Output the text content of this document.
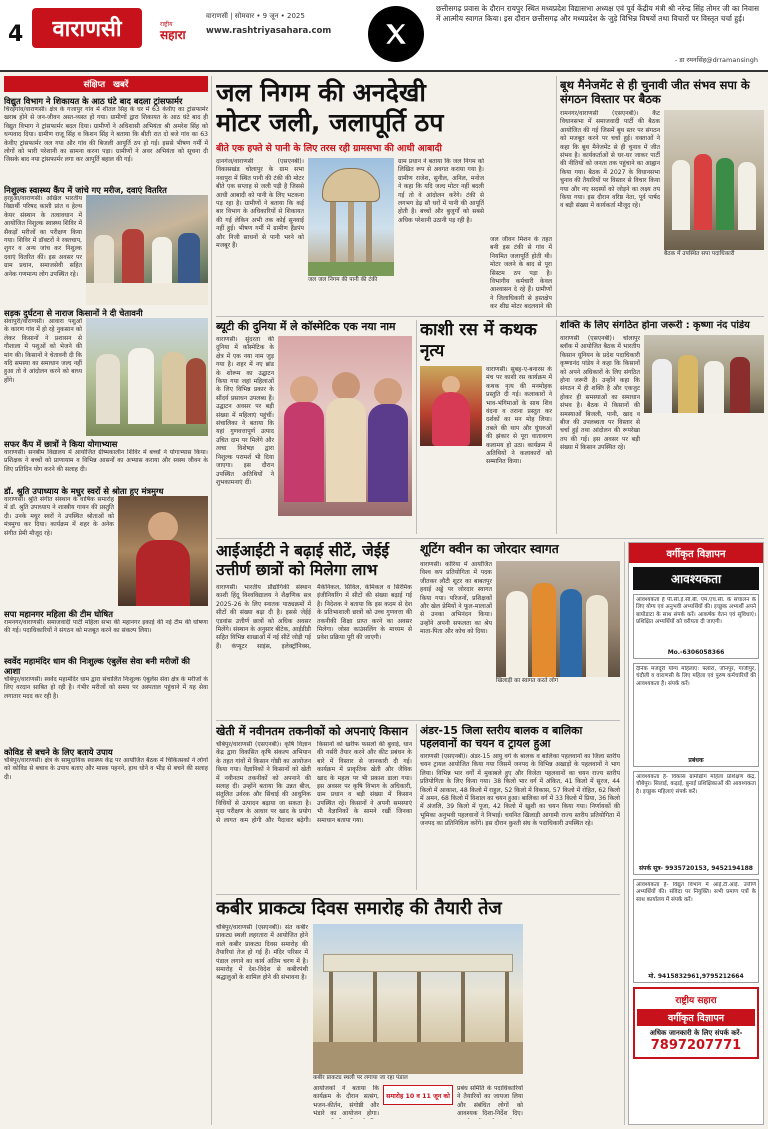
4 वाराणसी	राष्ट्रीय
सहारा
वाराणसी | सोमवार • 9 जून • 2025
www.rashtriyasahara.com
छत्तीसगढ़ प्रवास के दौरान रायपुर स्थित मध्यप्रदेश विद्यासभा अध्यक्ष एवं पूर्व केंद्रीय मंत्री श्री नरेन्द्र सिंह तोमर जी का निवास में आत्मीय स्वागत किया। इस दौरान छत्तीसगढ़ और मध्यप्रदेश के जुड़े विभिन्न विषयों तथा विचारों पर विस्तृत चर्चा हुई।
- डा रमनसिंह@drramansingh
संक्षिप्त खबरें
विद्युत विभाग ने शिकायत के आठ घंटे बाद बदला ट्रांसफार्मर
चिरईगांव/वाराणसी। क्षेत्र के गजापुर गांव में शीतल सिंह के घर में 63 केवीए का ट्रांसफार्मर खराब होने से जन-जीवन अस्त-व्यस्त हो गया। ग्रामीणों द्वारा शिकायत के आठ घंटे बाद ही विद्युत विभाग ने ट्रांसफार्मर बदल दिया। ग्रामीणों ने अधिशासी अभियंता श्री अमरेश सिंह को धन्यवाद दिया। ग्रामीण राजू सिंह व किशन सिंह ने बताया कि बीती रात दो बजे गांव का 63 केवीए ट्रांसफार्मर जल गया और गांव की बिजली आपूर्ति ठप हो गई। इससे भीषण गर्मी में लोगों को भारी परेशानी का सामना करना पड़ा। ग्रामीणों ने अवर अभियंता को सूचना दी जिसके बाद नया ट्रांसफार्मर लगा कर आपूर्ति बहाल की गई।
निशुल्क स्वास्थ्य कैंप में जांचे गए मरीज, दवाएं वितरित
हरहुआ/वाराणसी। अखिल भारतीय विद्यार्थी परिषद काशी प्रांत व हेल्थ केयर संस्थान के तत्वावधान में आयोजित निशुल्क स्वास्थ्य शिविर में सैकड़ों मरीजों का परीक्षण किया गया। शिविर में डॉक्टरों ने रक्तचाप, शुगर व अन्य जांच कर निशुल्क दवाएं वितरित कीं। इस अवसर पर ग्राम प्रधान, समाजसेवी सहित अनेक गणमान्य लोग उपस्थित रहे।
सड़क दुर्घटना से नाराज किसानों ने दी चेतावनी
सेवापुरी/वाराणसी। आवारा पशुओं के कारण गांव में हो रहे नुकसान को लेकर किसानों ने प्रशासन से गौशाला में पशुओं को भेजने की मांग की। किसानों ने चेतावनी दी कि यदि समस्या का समाधान जल्द नहीं हुआ तो वे आंदोलन करने को बाध्य होंगे।
सफर कैंप में छात्रों ने किया योगाभ्यास
वाराणसी। सनबीम विद्यालय में आयोजित ग्रीष्मकालीन शिविर में बच्चों ने योगाभ्यास किया। प्रशिक्षक ने बच्चों को प्राणायाम व विभिन्न आसनों का अभ्यास कराया और स्वस्थ जीवन के लिए प्रतिदिन योग करने की सलाह दी।
डॉ. श्रुति उपाध्याय के मधुर स्वरों से श्रोता हुए मंत्रमुग्ध
वाराणसी। श्रुति संगीत संस्थान के वार्षिक समारोह में डॉ. श्रुति उपाध्याय ने शास्त्रीय गायन की प्रस्तुति दी। उनके मधुर स्वरों ने उपस्थित श्रोताओं को मंत्रमुग्ध कर दिया। कार्यक्रम में शहर के अनेक संगीत प्रेमी मौजूद रहे।
सपा महानगर महिला की टीम घोषित
रामनगर/वाराणसी। समाजवादी पार्टी महिला सभा की महानगर इकाई की नई टीम की घोषणा की गई। पदाधिकारियों ने संगठन को मजबूत करने का संकल्प लिया।
स्वर्वेद महामंदिर धाम की निःशुल्क एंबुलेंस सेवा बनी मरीजों की आशा
चौबेपुर/वाराणसी। स्वर्वेद महामंदिर धाम द्वारा संचालित निःशुल्क एंबुलेंस सेवा क्षेत्र के मरीजों के लिए वरदान साबित हो रही है। गंभीर मरीजों को समय पर अस्पताल पहुंचाने में यह सेवा लगातार मदद कर रही है।
कोविड से बचने के लिए बताये उपाय
चौबेपुर/वाराणसी। क्षेत्र के सामुदायिक स्वास्थ्य केंद्र पर आयोजित बैठक में चिकित्सकों ने लोगों को कोविड से बचाव के उपाय बताए और मास्क पहनने, हाथ धोने व भीड़ से बचने की सलाह दी।
जल निगम की अनदेखी
मोटर जली, जलापूर्ति ठप
बीते एक हफ्ते से पानी के लिए तरस रही ग्रामसभा की आधी आबादी
दानगंज/वाराणसी (एसएनबी)। विकासखंड चोलापुर के ग्राम सभा नवापुरा में स्थित पानी की टंकी की मोटर बीते एक सप्ताह से जली पड़ी है जिससे आधी आबादी को पानी के लिए भटकना पड़ रहा है। ग्रामीणों ने बताया कि कई बार विभाग के अधिकारियों से शिकायत की गई लेकिन अभी तक कोई सुनवाई नहीं हुई। भीषण गर्मी में ग्रामीण हैंडपंप और निजी साधनों से पानी भरने को मजबूर हैं।
जल जल निगम की पानी की टंकी
ग्राम प्रधान ने बताया कि जल निगम को लिखित रूप से अवगत कराया गया है। ग्रामीण राजेश, सुनील, अनिल, मनोज ने कहा कि यदि जल्द मोटर नहीं बदली गई तो वे आंदोलन करेंगे। टंकी से लगभग डेढ़ सौ घरों में पानी की आपूर्ति होती है। बच्चों और बुजुर्गों को सबसे अधिक परेशानी उठानी पड़ रही है।
जल जीवन मिशन के तहत बनी इस टंकी से गांव में नियमित जलापूर्ति होती थी। मोटर जलने के बाद से पूरा सिस्टम ठप पड़ा है। विभागीय कर्मचारी केवल आश्वासन दे रहे हैं। ग्रामीणों ने जिलाधिकारी से हस्तक्षेप कर शीघ्र मोटर बदलवाने की
बूथ मैनेजमेंट से ही चुनावी जीत संभव सपा के संगठन विस्तार पर बैठक
रामनगर/वाराणसी (एसएनबी)। कैंट विधानसभा में समाजवादी पार्टी की बैठक आयोजित की गई जिसमें बूथ स्तर पर संगठन को मजबूत करने पर चर्चा हुई। वक्ताओं ने कहा कि बूथ मैनेजमेंट से ही चुनाव में जीत संभव है। कार्यकर्ताओं से घर-घर जाकर पार्टी की नीतियों को जनता तक पहुंचाने का आह्वान किया गया। बैठक में 2027 के विधानसभा चुनाव की तैयारियों पर विस्तार से विचार किया गया और नए सदस्यों को जोड़ने का लक्ष्य तय किया गया। इस दौरान वरिष्ठ नेता, पूर्व पार्षद व बड़ी संख्या में कार्यकर्ता मौजूद रहे।
बैठक में उपस्थित सपा पदाधिकारी
ब्यूटी की दुनिया में ले कॉस्मेटिक एक नया नाम
वाराणसी। सुंदरता की दुनिया में कॉस्मेटिक के क्षेत्र में एक नया नाम जुड़ गया है। शहर में नए ब्रांड के शोरूम का उद्घाटन किया गया जहां महिलाओं के लिए विभिन्न प्रकार के सौंदर्य प्रसाधन उपलब्ध हैं। उद्घाटन अवसर पर बड़ी संख्या में महिलाएं पहुंचीं। संचालिका ने बताया कि यहां गुणवत्तापूर्ण उत्पाद उचित दाम पर मिलेंगे और त्वचा विशेषज्ञ द्वारा निशुल्क परामर्श भी दिया जाएगा। इस दौरान उपस्थित अतिथियों ने शुभकामनाएं दीं।
काशी रस में कथक नृत्य
वाराणसी। सुबह-ए-बनारस के मंच पर काशी रस कार्यक्रम में कथक नृत्य की मनमोहक प्रस्तुति दी गई। कलाकारों ने भाव-भंगिमाओं के साथ शिव वंदना व तराना प्रस्तुत कर दर्शकों का मन मोह लिया। तबले की थाप और घुंघरुओं की झंकार से पूरा वातावरण कलामय हो उठा। कार्यक्रम में अतिथियों ने कलाकारों को सम्मानित किया।
शक्ति के लिए संगठित होना जरूरी : कृष्णा नंद पांडेय
वाराणसी (एसएनबी)। चोलापुर ब्लॉक में आयोजित बैठक में भारतीय किसान यूनियन के प्रदेश पदाधिकारी कृष्णानंद पांडेय ने कहा कि किसानों को अपने अधिकारों के लिए संगठित होना जरूरी है। उन्होंने कहा कि संगठन में ही शक्ति है और एकजुट होकर ही समस्याओं का समाधान संभव है। बैठक में किसानों की समस्याओं बिजली, पानी, खाद व बीज की उपलब्धता पर विस्तार से चर्चा हुई तथा आंदोलन की रूपरेखा तय की गई। इस अवसर पर बड़ी संख्या में किसान उपस्थित रहे।
आईआईटी ने बढ़ाई सीटें, जेईई
उत्तीर्ण छात्रों को मिलेगा लाभ
वाराणसी। भारतीय प्रौद्योगिकी संस्थान काशी हिंदू विश्वविद्यालय ने शैक्षणिक सत्र 2025-26 के लिए स्नातक पाठ्यक्रमों में सीटों की संख्या बढ़ा दी है। इससे जेईई एडवांस उत्तीर्ण छात्रों को अधिक अवसर मिलेंगे। संस्थान के अनुसार बीटेक, आईडीडी सहित विभिन्न शाखाओं में नई सीटें जोड़ी गई हैं। कंप्यूटर साइंस, इलेक्ट्रॉनिक्स, मैकेनिकल, सिविल, केमिकल व सिरेमिक इंजीनियरिंग में सीटों की संख्या बढ़ाई गई है। निदेशक ने बताया कि इस कदम से देश के प्रतिभाशाली छात्रों को उच्च गुणवत्ता की तकनीकी शिक्षा प्राप्त करने का अवसर मिलेगा। जोसा काउंसलिंग के माध्यम से प्रवेश प्रक्रिया पूरी की जाएगी।
शूटिंग क्वीन का जोरदार स्वागत
वाराणसी। कोरिया में आयोजित विश्व कप प्रतियोगिता में पदक जीतकर लौटी शूटर का बाबतपुर हवाई अड्डे पर जोरदार स्वागत किया गया। परिजनों, प्रशिक्षकों और खेल प्रेमियों ने फूल-मालाओं से उनका अभिनंदन किया। उन्होंने अपनी सफलता का श्रेय माता-पिता और कोच को दिया।
खिलाड़ी का स्वागत करते लोग
वर्गीकृत विज्ञापन
आवश्यकता
आवश्यकता है पी.सी.ई.सी.बी. एम.एच.सी. के संचालन के लिए योग्य एवं अनुभवी अभ्यर्थियों की। इच्छुक अभ्यर्थी अपने बायोडाटा के साथ संपर्क करें। आकर्षक वेतन एवं सुविधाएं। प्रशिक्षित अभ्यर्थियों को वरीयता दी जाएगी।
Mo.-6306058366
दैनिक मजदूरी योग्य महिलाएं: फ्लोरा, जौनपुर, गाजीपुर, चंदौली व वाराणसी के लिए महिला एवं पुरुष कर्मचारियों की आवश्यकता है। संपर्क करें।
प्रबंधक
आवश्यकता है- विकास ग्रामोद्योग महिला प्रशिक्षण केंद्र, चौबेपुर। सिलाई, कढ़ाई, बुनाई प्रशिक्षिकाओं की आवश्यकता है। इच्छुक महिलाएं संपर्क करें।
संपर्क सूत्र- 9935720153, 9452194188
आवश्यकता है- विद्युत विभाग में आई.टी.आई. उत्तीर्ण अभ्यर्थियों की। संविदा पर नियुक्ति। सभी प्रमाण पत्रों के साथ कार्यालय में संपर्क करें।
मो. 9415832961,9795212664
राष्ट्रीय सहारा
वर्गीकृत विज्ञापन
अधिक जानकारी के लिए संपर्क करें-
7897207771
खेती में नवीनतम तकनीकों को अपनाएं किसान
चौबेपुर/वाराणसी (एसएनबी)। कृषि विज्ञान केंद्र द्वारा विकसित कृषि संकल्प अभियान के तहत गांवों में किसान गोष्ठी का आयोजन किया गया। वैज्ञानिकों ने किसानों को खेती में नवीनतम तकनीकों को अपनाने की सलाह दी। उन्होंने बताया कि उन्नत बीज, संतुलित उर्वरक और सिंचाई की आधुनिक विधियों से उत्पादन बढ़ाया जा सकता है। मृदा परीक्षण के आधार पर खाद के प्रयोग से लागत कम होगी और पैदावार बढ़ेगी। किसानों को खरीफ फसलों की बुवाई, धान की नर्सरी तैयार करने और कीट प्रबंधन के बारे में विस्तार से जानकारी दी गई। कार्यक्रम में प्राकृतिक खेती और जैविक खाद के महत्व पर भी प्रकाश डाला गया। इस अवसर पर कृषि विभाग के अधिकारी, ग्राम प्रधान व बड़ी संख्या में किसान उपस्थित रहे। किसानों ने अपनी समस्याएं भी वैज्ञानिकों के सामने रखीं जिनका समाधान बताया गया।
अंडर-15 जिला स्तरीय बालक व बालिका पहलवानों का चयन व ट्रायल हुआ
वाराणसी (एसएनबी)। अंडर-15 आयु वर्ग के बालक व बालिका पहलवानों का जिला स्तरीय चयन ट्रायल आयोजित किया गया जिसमें जनपद के विभिन्न अखाड़ों के पहलवानों ने भाग लिया। विभिन्न भार वर्गों में मुकाबले हुए और विजेता पहलवानों का चयन राज्य स्तरीय प्रतियोगिता के लिए किया गया। 38 किलो भार वर्ग में अंकित, 41 किलो में सूरज, 44 किलो में आकाश, 48 किलो में राहुल, 52 किलो में विकास, 57 किलो में रोहित, 62 किलो में अमन, 68 किलो में विशाल का चयन हुआ। बालिका वर्ग में 33 किलो में प्रिया, 36 किलो में अंजलि, 39 किलो में पूजा, 42 किलो में खुशी का चयन किया गया। निर्णायकों की भूमिका अनुभवी पहलवानों ने निभाई। चयनित खिलाड़ी आगामी राज्य स्तरीय प्रतियोगिता में जनपद का प्रतिनिधित्व करेंगे। इस दौरान कुश्ती संघ के पदाधिकारी उपस्थित रहे।
कबीर प्राकट्य दिवस समारोह की तैयारी तेज
चौबेपुर/वाराणसी (एसएनबी)। संत कबीर प्राकट्य स्थली लहरतारा में आयोजित होने वाले कबीर प्राकट्य दिवस समारोह की तैयारियां तेज हो गई हैं। मंदिर परिसर में पंडाल लगाने का कार्य अंतिम चरण में है। समारोह में देश-विदेश से कबीरपंथी श्रद्धालुओं के शामिल होने की संभावना है।
कबीर प्राकट्य स्थली पर लगाया जा रहा पंडाल
आयोजकों ने बताया कि कार्यक्रम के दौरान सत्संग, भजन-कीर्तन, संगोष्ठी और भंडारे का आयोजन होगा।
समारोह 10 व 11 जून को
प्रबंध समिति के पदाधिकारियों ने तैयारियों का जायजा लिया और संबंधित लोगों को आवश्यक दिशा-निर्देश दिए।
